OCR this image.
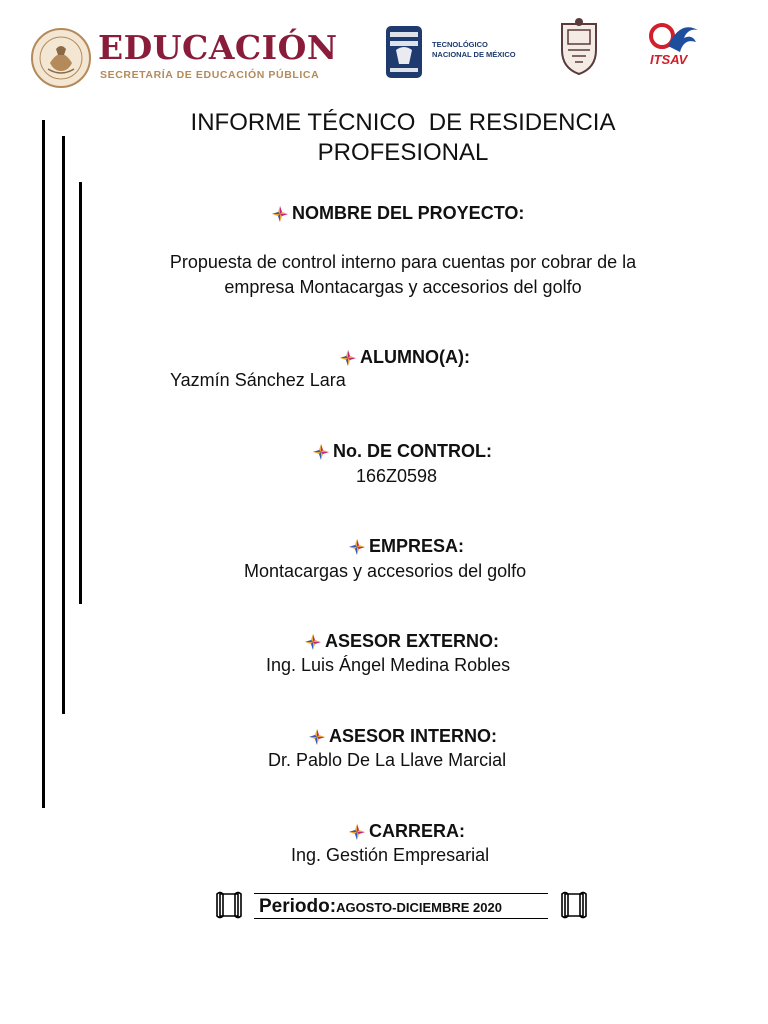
EDUCACIÓN
SECRETARÍA DE EDUCACIÓN PÚBLICA
TECNOLÓGICO
NACIONAL DE MÉXICO	ITSAV
INFORME TÉCNICO  DE RESIDENCIA
PROFESIONAL
NOMBRE DEL PROYECTO:
Propuesta de control interno para cuentas por cobrar de la
empresa Montacargas y accesorios del golfo
ALUMNO(A):
Yazmín Sánchez Lara
No. DE CONTROL:
166Z0598
EMPRESA:
Montacargas y accesorios del golfo
ASESOR EXTERNO:
Ing. Luis Ángel Medina Robles
ASESOR INTERNO:
Dr. Pablo De La Llave Marcial
CARRERA:
Ing. Gestión Empresarial
Periodo: AGOSTO-DICIEMBRE 2020
